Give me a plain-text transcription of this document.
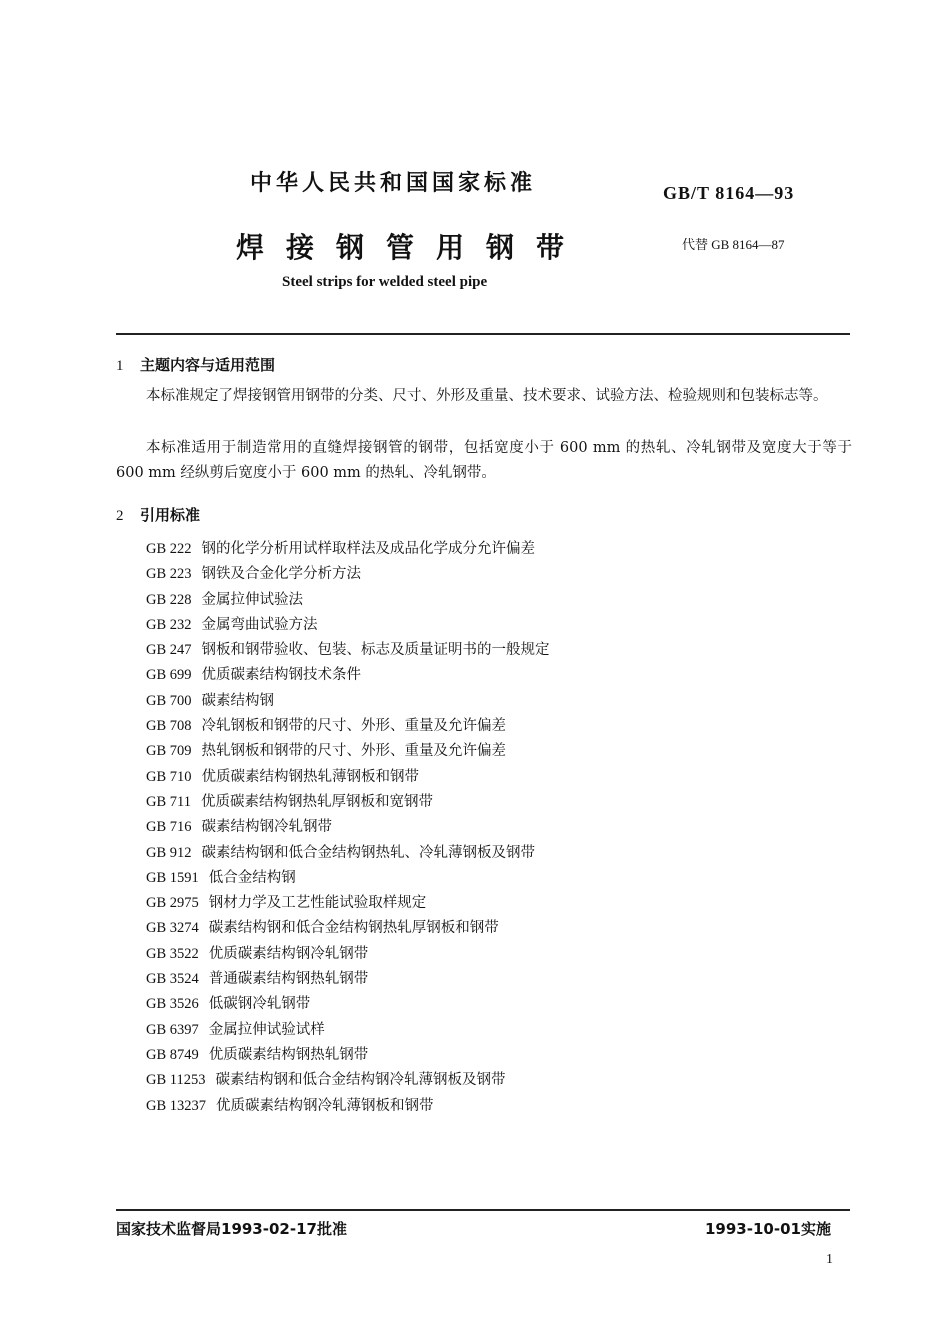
中华人民共和国国家标准	GB/T 8164—93
焊接钢管用钢带	代替 GB 8164—87
Steel strips for welded steel pipe
1 主题内容与适用范围
本标准规定了焊接钢管用钢带的分类、尺寸、外形及重量、技术要求、试验方法、检验规则和包装标志等。
本标准适用于制造常用的直缝焊接钢管的钢带，包括宽度小于 600 mm 的热轧、冷轧钢带及宽度大于等于 600 mm 经纵剪后宽度小于 600 mm 的热轧、冷轧钢带。
2 引用标准
GB 222 钢的化学分析用试样取样法及成品化学成分允许偏差
GB 223 钢铁及合金化学分析方法
GB 228 金属拉伸试验法
GB 232 金属弯曲试验方法
GB 247 钢板和钢带验收、包装、标志及质量证明书的一般规定
GB 699 优质碳素结构钢技术条件
GB 700 碳素结构钢
GB 708 冷轧钢板和钢带的尺寸、外形、重量及允许偏差
GB 709 热轧钢板和钢带的尺寸、外形、重量及允许偏差
GB 710 优质碳素结构钢热轧薄钢板和钢带
GB 711 优质碳素结构钢热轧厚钢板和宽钢带
GB 716 碳素结构钢冷轧钢带
GB 912 碳素结构钢和低合金结构钢热轧、冷轧薄钢板及钢带
GB 1591 低合金结构钢
GB 2975 钢材力学及工艺性能试验取样规定
GB 3274 碳素结构钢和低合金结构钢热轧厚钢板和钢带
GB 3522 优质碳素结构钢冷轧钢带
GB 3524 普通碳素结构钢热轧钢带
GB 3526 低碳钢冷轧钢带
GB 6397 金属拉伸试验试样
GB 8749 优质碳素结构钢热轧钢带
GB 11253 碳素结构钢和低合金结构钢冷轧薄钢板及钢带
GB 13237 优质碳素结构钢冷轧薄钢板和钢带
国家技术监督局1993-02-17批准	1993-10-01实施
1
